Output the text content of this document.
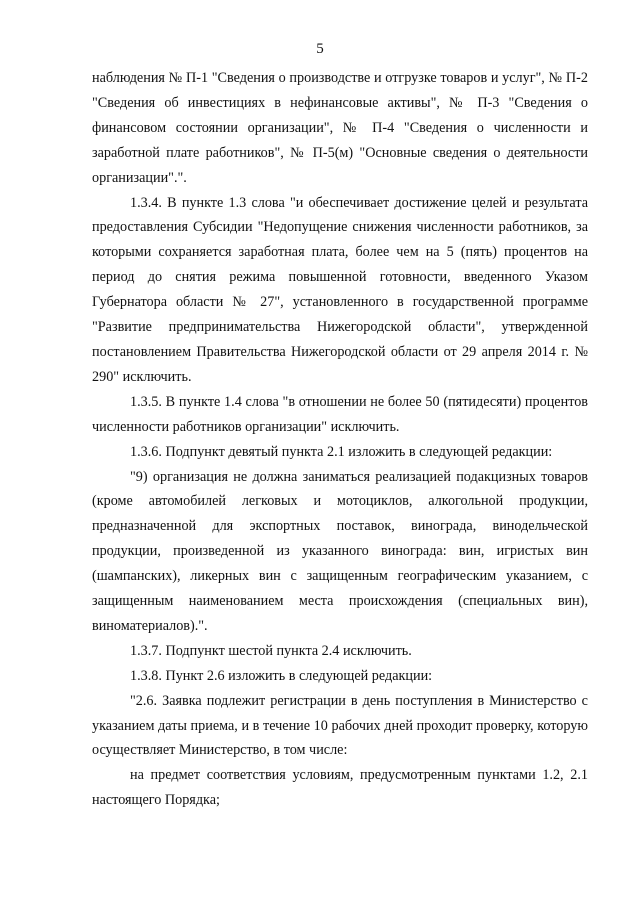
5

наблюдения № П-1 "Сведения о производстве и отгрузке товаров и услуг", № П-2 "Сведения об инвестициях в нефинансовые активы", № П-3 "Сведения о финансовом состоянии организации", № П-4 "Сведения о численности и заработной плате работников", № П-5(м) "Основные сведения о деятельности организации".".

1.3.4. В пункте 1.3 слова "и обеспечивает достижение целей и результата предоставления Субсидии "Недопущение снижения численности работников, за которыми сохраняется заработная плата, более чем на 5 (пять) процентов на период до снятия режима повышенной готовности, введенного Указом Губернатора области № 27", установленного в государственной программе "Развитие предпринимательства Нижегородской области", утвержденной постановлением Правительства Нижегородской области от 29 апреля 2014 г. № 290" исключить.

1.3.5. В пункте 1.4 слова "в отношении не более 50 (пятидесяти) процентов численности работников организации" исключить.

1.3.6. Подпункт девятый пункта 2.1 изложить в следующей редакции:

"9) организация не должна заниматься реализацией подакцизных товаров (кроме автомобилей легковых и мотоциклов, алкогольной продукции, предназначенной для экспортных поставок, винограда, винодельческой продукции, произведенной из указанного винограда: вин, игристых вин (шампанских), ликерных вин с защищенным географическим указанием, с защищенным наименованием места происхождения (специальных вин), виноматериалов).".

1.3.7. Подпункт шестой пункта 2.4 исключить.

1.3.8. Пункт 2.6 изложить в следующей редакции:

"2.6. Заявка подлежит регистрации в день поступления в Министерство с указанием даты приема, и в течение 10 рабочих дней проходит проверку, которую осуществляет Министерство, в том числе:

на предмет соответствия условиям, предусмотренным пунктами 1.2, 2.1 настоящего Порядка;
